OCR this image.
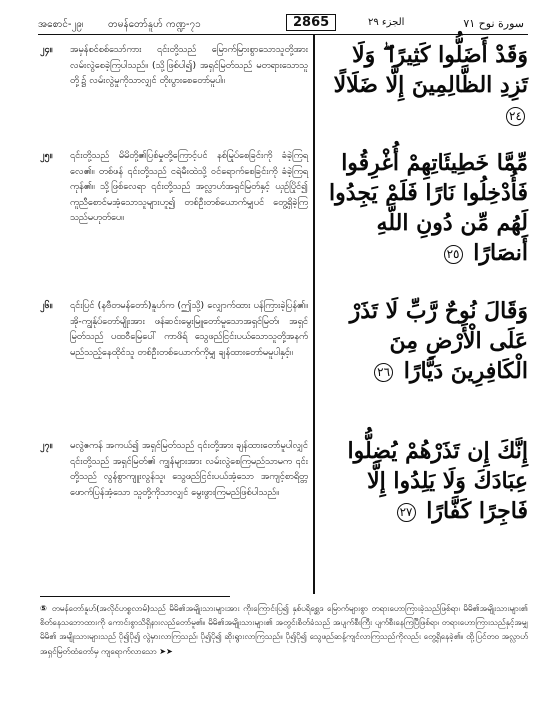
အစောင်-၂၉၊ တမန်တော်နူဟ် ကဏ္ဍ-၇၁	2865	الجزء ٢٩	سورة نوح ٧١
၂၄။ အမှန်စင်စစ်သော်ကား ၎င်းတို့သည် မြောက်မြားစွာသောသူတို့အား လမ်းလွဲစေခဲ့ကြပါသည်။ (သို့ဖြစ်ပါ၍) အရှင်မြတ်သည် မတရားသောသူတို့၌ လမ်းလွဲမှုကိုသာလျှင် တိုးပွားစေတော်မူပါ။
၂၅။ ၎င်းတို့သည် မိမိတို့၏ပြစ်မှုတို့ကြောင့်ပင် နစ်မြုပ်စေခြင်းကို ခံခဲ့ကြရလေ၏။ တစ်ဖန် ၎င်းတို့သည် ငရဲမီးထဲသို့ ဝင်ရောက်စေခြင်းကို ခံခဲ့ကြရကုန်၏။ သို့ဖြစ်လေရာ ၎င်းတို့သည် အလ္လာဟ်အရှင်မြတ်နှင့် ယှဉ်ပြိုင်၍ ကူညီစောင်မအံ့သောသူများဟူ၍ တစ်ဦးတစ်ယောက်မျှပင် တွေ့ရှိခဲ့ကြသည်မဟုတ်ပေ။
၂၆။ ၎င်းပြင် (နဗီတမန်တော်)နူဟ်က (ဤသို့) လျှောက်ထား ပန်ကြားခဲ့ပြန်၏။ အို-ကျွန်ုပ်တော်မျိုးအား ဖန်ဆင်းမွေးမြူတော်မူသောအရှင်မြတ်၊ အရှင်မြတ်သည် ပထဝီမြေပေါ် ကာဖိရ် သွေဖည်ငြင်းပယ်သောသူတို့အနက် မည်သည့်နေထိုင်သူ တစ်ဦးတစ်ယောက်ကိုမျှ ချန်ထားတော်မမူပါနှင့်။
၂၇။ မလွဲဧကန် အကယ်၍ အရှင်မြတ်သည် ၎င်းတို့အား ချန်ထားတော်မူပါလျှင် ၎င်းတို့သည် အရှင်မြတ်၏ ကျွန်များအား လမ်းလွဲစေကြမည်သာမက ၎င်းတို့သည် လွန်စွာကျူးလွန်သူ၊ သွေဖည်ငြင်းပယ်အံ့သော အကျင့်စာရိတ္တ ဖောက်ပြန်အံ့သော သူတို့ကိုသာလျှင် မွေးဖွားကြမည်ဖြစ်ပါသည်။
وَقَدْ أَضَلُّوا كَثِيرًا ۖ وَلَا تَزِدِ الظَّالِمِينَ إِلَّا ضَلَالًا ٢٤
مِّمَّا خَطِيئَاتِهِمْ أُغْرِقُوا فَأُدْخِلُوا نَارًا فَلَمْ يَجِدُوا لَهُم مِّن دُونِ اللَّهِ أَنصَارًا ٢٥
وَقَالَ نُوحٌ رَّبِّ لَا تَذَرْ عَلَى الْأَرْضِ مِنَ الْكَافِرِينَ دَيَّارًا ٢٦
إِنَّكَ إِن تَذَرْهُمْ يُضِلُّوا عِبَادَكَ وَلَا يَلِدُوا إِلَّا فَاجِرًا كَفَّارًا ٢٧
⑤ တမန်တော်နူဟ်(အလိုင်ဟစ္စလာမ်)သည် မိမိ၏အမျိုးသားများအား ကိုးကြောင်းပြ၍ နှစ်ပရိစ္ဆေဒ မြောက်များစွာ တရားဟောကြားခဲ့သည်ဖြစ်ရာ၊ မိမိ၏အမျိုးသားများ၏ စိတ်နေသဘောထားကို ကောင်းစွာသိရှိနားလည်တော်မူ၏။ မိမိ၏အမျိုးသားများ၏ အတွင်းစိတ်ခံသည် အပျက်စီးကြီး ပျက်စီးနေကြပြီဖြစ်ရာ၊ တရားဟောကြားသည်နှင့်အမျှ မိမိ၏ အမျိုးသားများသည် ပို၍ပို၍ လွဲမှားလာကြသည်၊ ပို၍ပို၍ ဆိုးရွားလာကြသည်။ ပို၍ပို၍ သွေဖည်ဆန့်ကျင်လာကြသည်ကိုလည်း တွေ့ရှိနေခဲ့၏။ ထို့ပြင်တဝ အလ္လာဟ်အရှင်မြတ်ထံတော်မှ ကျရောက်လာသော ➤➤
